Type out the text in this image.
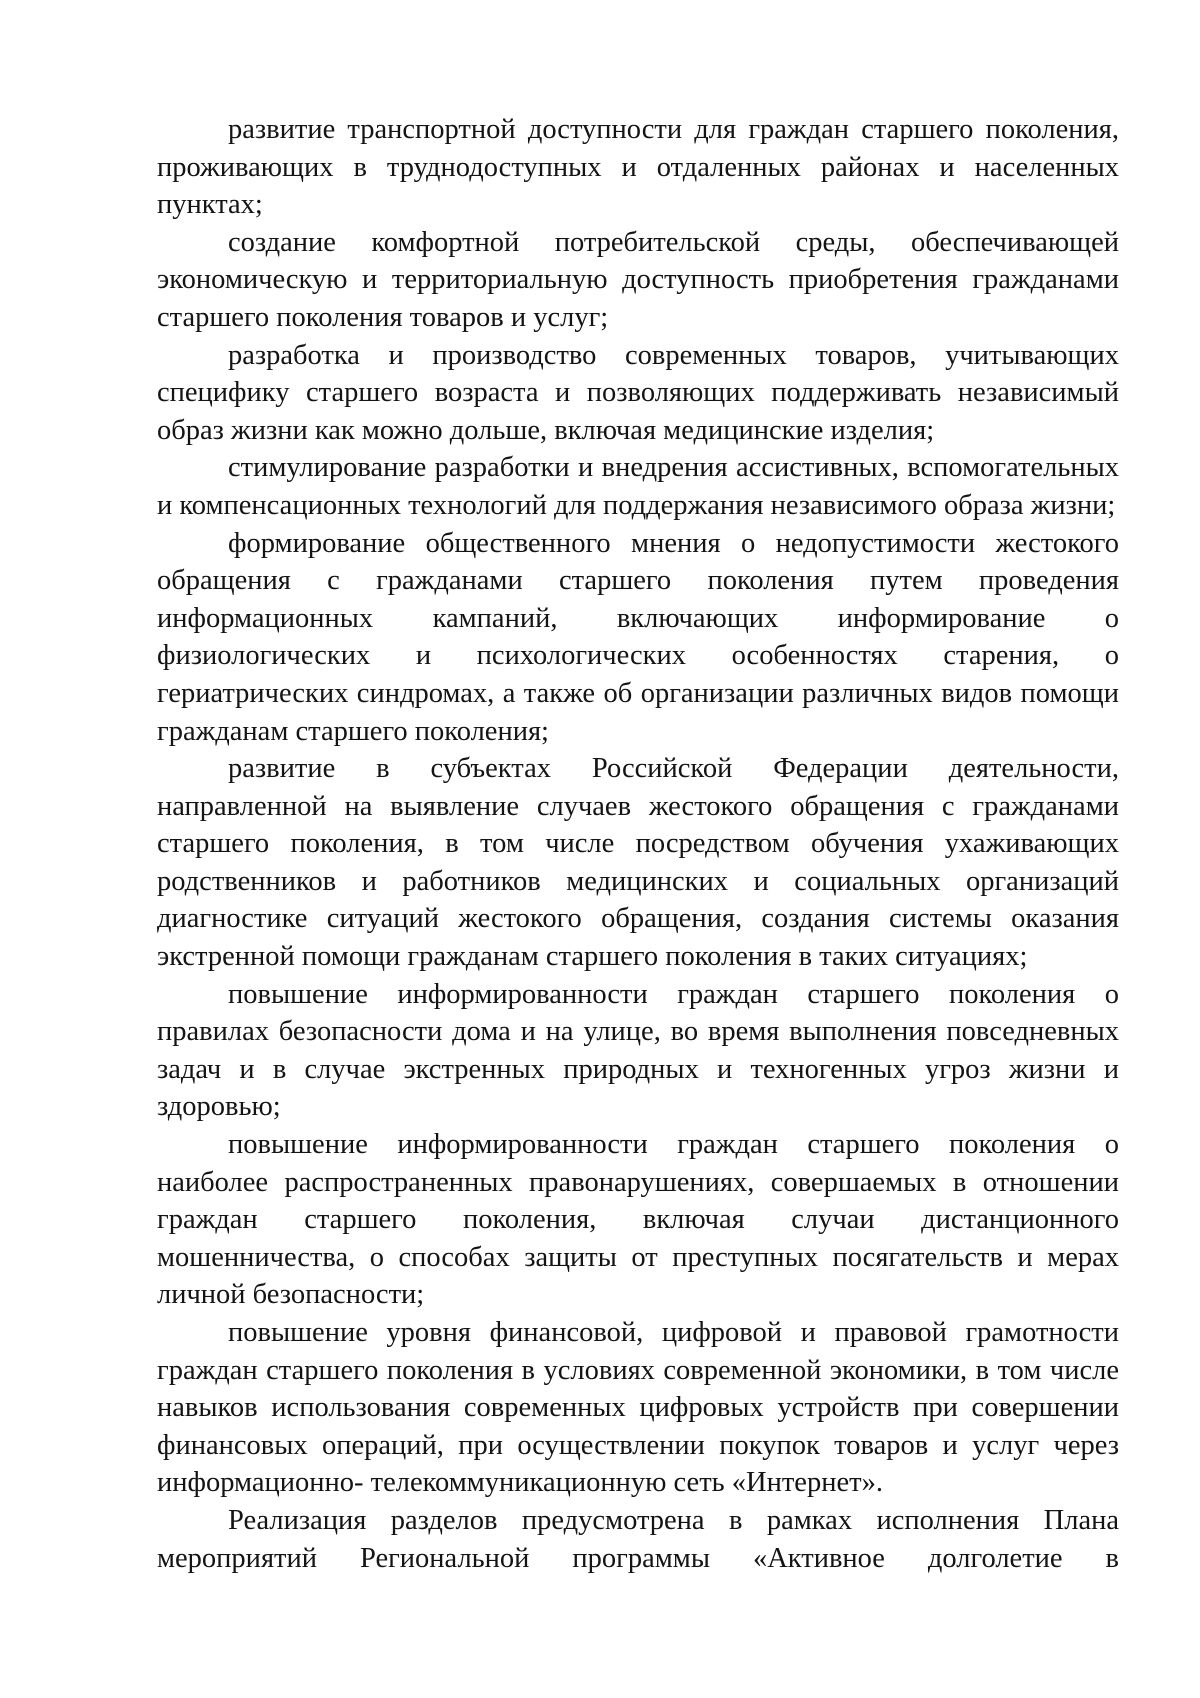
развитие транспортной доступности для граждан старшего поколения, проживающих в труднодоступных и отдаленных районах и населенных пунктах;

создание комфортной потребительской среды, обеспечивающей экономическую и территориальную доступность приобретения гражданами старшего поколения товаров и услуг;

разработка и производство современных товаров, учитывающих специфику старшего возраста и позволяющих поддерживать независимый образ жизни как можно дольше, включая медицинские изделия;

стимулирование разработки и внедрения ассистивных, вспомогательных и компенсационных технологий для поддержания независимого образа жизни;

формирование общественного мнения о недопустимости жестокого обращения с гражданами старшего поколения путем проведения информационных кампаний, включающих информирование о физиологических и психологических особенностях старения, о гериатрических синдромах, а также об организации различных видов помощи гражданам старшего поколения;

развитие в субъектах Российской Федерации деятельности, направленной на выявление случаев жестокого обращения с гражданами старшего поколения, в том числе посредством обучения ухаживающих родственников и работников медицинских и социальных организаций диагностике ситуаций жестокого обращения, создания системы оказания экстренной помощи гражданам старшего поколения в таких ситуациях;

повышение информированности граждан старшего поколения о правилах безопасности дома и на улице, во время выполнения повседневных задач и в случае экстренных природных и техногенных угроз жизни и здоровью;

повышение информированности граждан старшего поколения о наиболее распространенных правонарушениях, совершаемых в отношении граждан старшего поколения, включая случаи дистанционного мошенничества, о способах защиты от преступных посягательств и мерах личной безопасности;

повышение уровня финансовой, цифровой и правовой грамотности граждан старшего поколения в условиях современной экономики, в том числе навыков использования современных цифровых устройств при совершении финансовых операций, при осуществлении покупок товаров и услуг через информационно- телекоммуникационную сеть «Интернет».

Реализация разделов предусмотрена в рамках исполнения Плана мероприятий Региональной программы «Активное долголетие в
